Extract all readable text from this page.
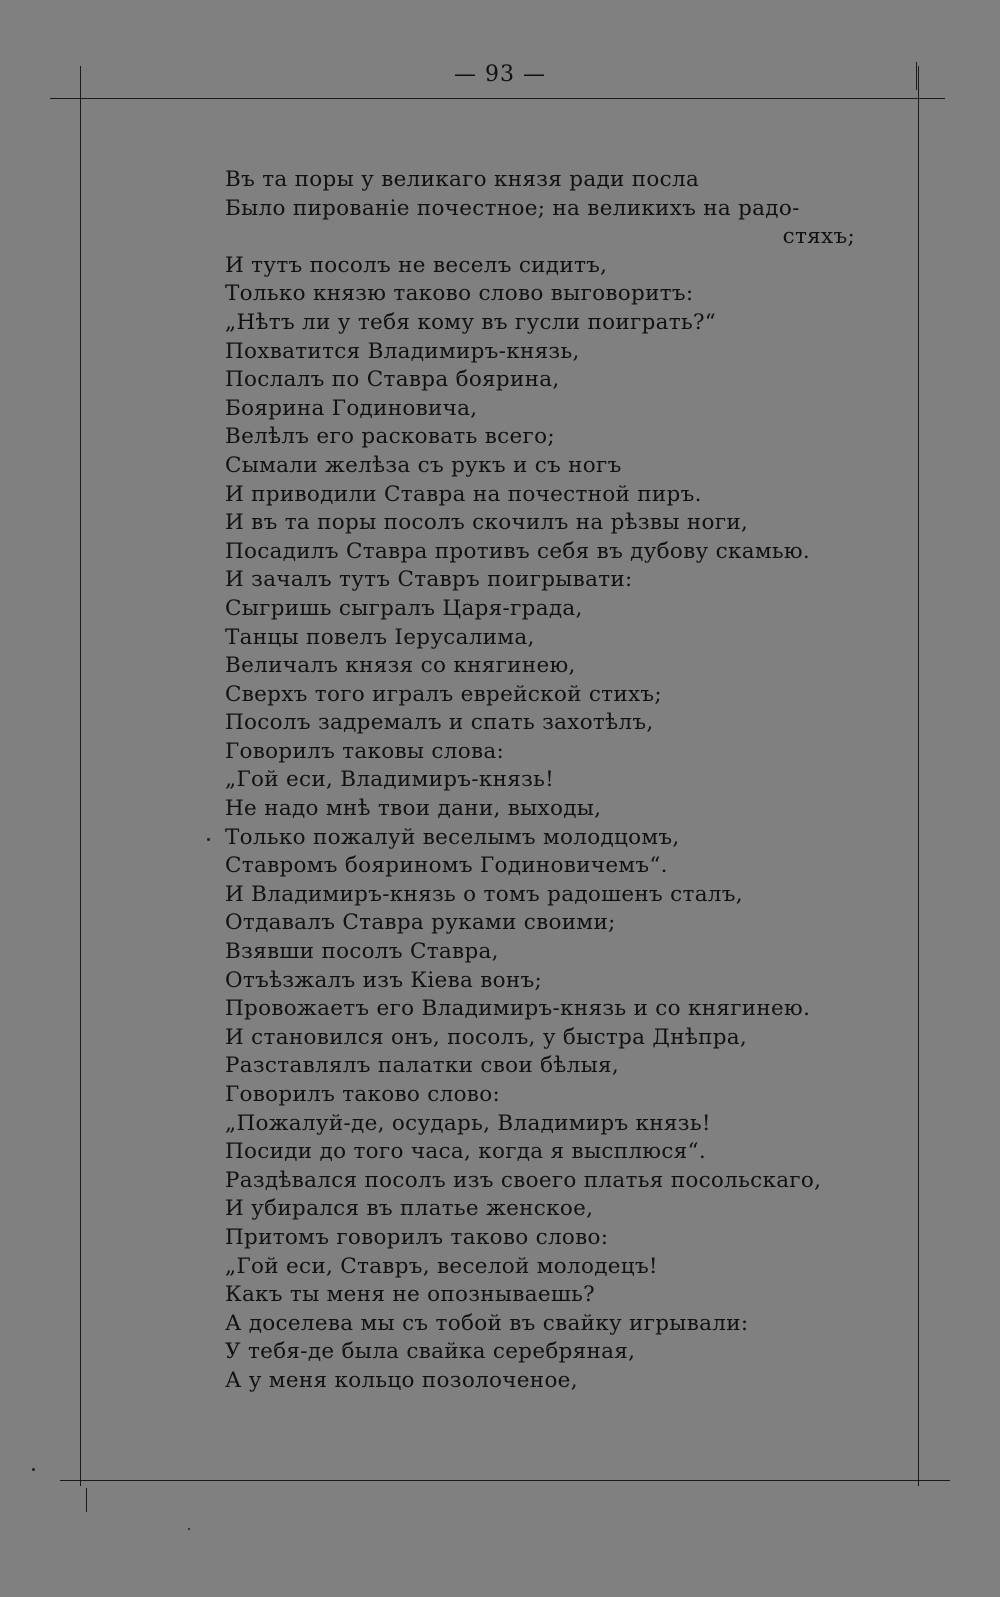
— 93 —
Въ та поры у великаго князя ради посла
Было пированіе почестное; на великихъ на радо-
стяхъ;
И тутъ посолъ не веселъ сидитъ,
Только князю таково слово выговоритъ:
„Нѣтъ ли у тебя кому въ гусли поиграть?“
Похватится Владимиръ-князь,
Послалъ по Ставра боярина,
Боярина Годиновича,
Велѣлъ его расковать всего;
Сымали желѣза съ рукъ и съ ногъ
И приводили Ставра на почестной пиръ.
И въ та поры посолъ скочилъ на рѣзвы ноги,
Посадилъ Ставра противъ себя въ дубову скамью.
И зачалъ тутъ Ставръ поигрывати:
Сыгришь сыгралъ Царя-града,
Танцы повелъ Іерусалима,
Величалъ князя со княгинею,
Сверхъ того игралъ еврейской стихъ;
Посолъ задремалъ и спать захотѣлъ,
Говорилъ таковы слова:
„Гой еси, Владимиръ-князь!
Не надо мнѣ твои дани, выходы,
Только пожалуй веселымъ молодцомъ,
Ставромъ бояриномъ Годиновичемъ“.
И Владимиръ-князь о томъ радошенъ сталъ,
Отдавалъ Ставра руками своими;
Взявши посолъ Ставра,
Отъѣзжалъ изъ Кіева вонъ;
Провожаетъ его Владимиръ-князь и со княгинею.
И становился онъ, посолъ, у быстра Днѣпра,
Разставлялъ палатки свои бѣлыя,
Говорилъ таково слово:
„Пожалуй-де, осударь, Владимиръ князь!
Посиди до того часа, когда я выcплюся“.
Раздѣвался посолъ изъ своего платья посольскаго,
И убирался въ платье женское,
Притомъ говорилъ таково слово:
„Гой еси, Ставръ, веселой молодецъ!
Какъ ты меня не опознываешь?
А доселева мы съ тобой въ свайку игрывали:
У тебя-де была свайка серебряная,
А у меня кольцо позолоченое,
